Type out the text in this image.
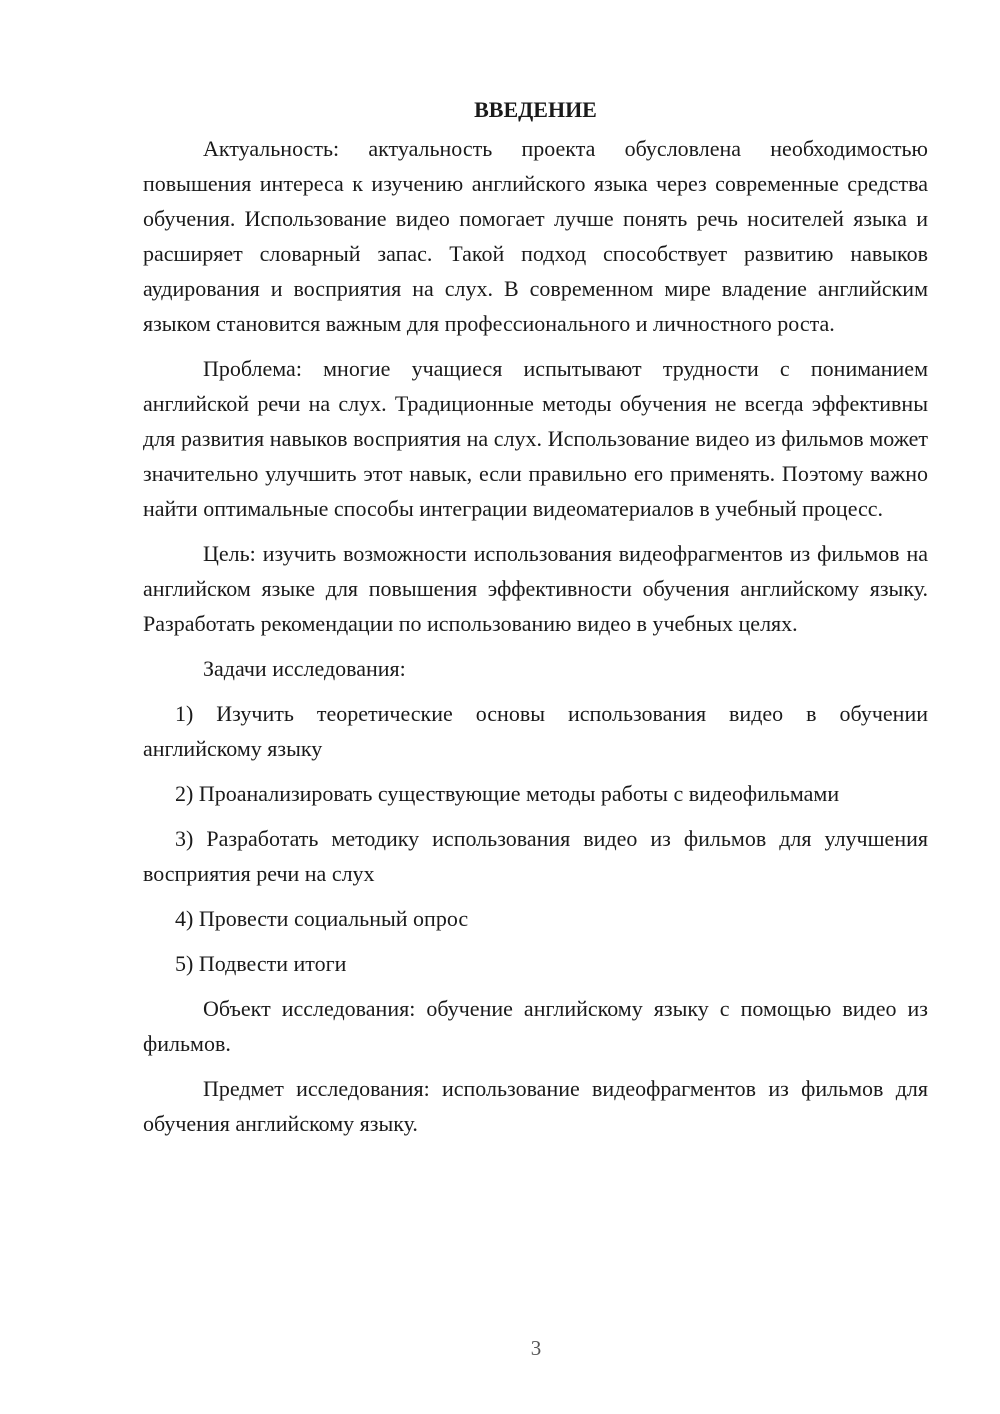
ВВЕДЕНИЕ

Актуальность: актуальность проекта обусловлена необходимостью повышения интереса к изучению английского языка через современные средства обучения. Использование видео помогает лучше понять речь носителей языка и расширяет словарный запас. Такой подход способствует развитию навыков аудирования и восприятия на слух. В современном мире владение английским языком становится важным для профессионального и личностного роста.

Проблема: многие учащиеся испытывают трудности с пониманием английской речи на слух. Традиционные методы обучения не всегда эффективны для развития навыков восприятия на слух. Использование видео из фильмов может значительно улучшить этот навык, если правильно его применять. Поэтому важно найти оптимальные способы интеграции видеоматериалов в учебный процесс.

Цель: изучить возможности использования видеофрагментов из фильмов на английском языке для повышения эффективности обучения английскому языку. Разработать рекомендации по использованию видео в учебных целях.

Задачи исследования:

1) Изучить теоретические основы использования видео в обучении английскому языку

2) Проанализировать существующие методы работы с видеофильмами

3) Разработать методику использования видео из фильмов для улучшения восприятия речи на слух

4) Провести социальный опрос

5) Подвести итоги

Объект исследования: обучение английскому языку с помощью видео из фильмов.

Предмет исследования: использование видеофрагментов из фильмов для обучения английскому языку.

3
